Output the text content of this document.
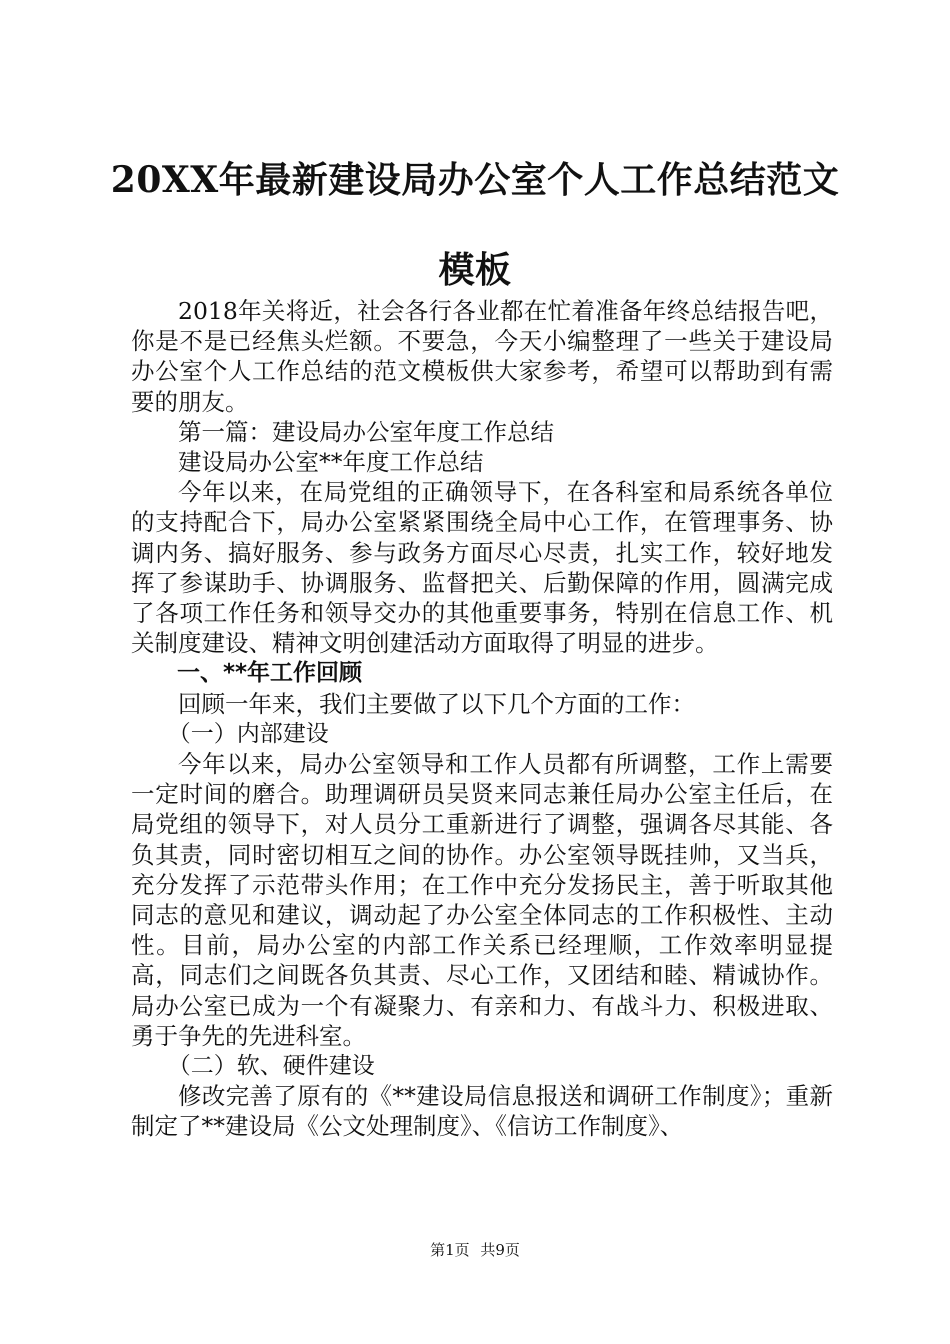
20XX年最新建设局办公室个人工作总结范文
模板

2018年关将近，社会各行各业都在忙着准备年终总结报告吧，你是不是已经焦头烂额。不要急，今天小编整理了一些关于建设局办公室个人工作总结的范文模板供大家参考，希望可以帮助到有需要的朋友。

第一篇：建设局办公室年度工作总结

建设局办公室**年度工作总结

今年以来，在局党组的正确领导下，在各科室和局系统各单位的支持配合下，局办公室紧紧围绕全局中心工作，在管理事务、协调内务、搞好服务、参与政务方面尽心尽责，扎实工作，较好地发挥了参谋助手、协调服务、监督把关、后勤保障的作用，圆满完成了各项工作任务和领导交办的其他重要事务，特别在信息工作、机关制度建设、精神文明创建活动方面取得了明显的进步。

一、**年工作回顾

回顾一年来，我们主要做了以下几个方面的工作：

（一）内部建设

今年以来，局办公室领导和工作人员都有所调整，工作上需要一定时间的磨合。助理调研员吴贤来同志兼任局办公室主任后，在局党组的领导下，对人员分工重新进行了调整，强调各尽其能、各负其责，同时密切相互之间的协作。办公室领导既挂帅，又当兵，充分发挥了示范带头作用；在工作中充分发扬民主，善于听取其他同志的意见和建议，调动起了办公室全体同志的工作积极性、主动性。目前，局办公室的内部工作关系已经理顺，工作效率明显提高，同志们之间既各负其责、尽心工作，又团结和睦、精诚协作。局办公室已成为一个有凝聚力、有亲和力、有战斗力、积极进取、勇于争先的先进科室。

（二）软、硬件建设

修改完善了原有的《**建设局信息报送和调研工作制度》；重新制定了**建设局《公文处理制度》、《信访工作制度》、

第1页 共9页
